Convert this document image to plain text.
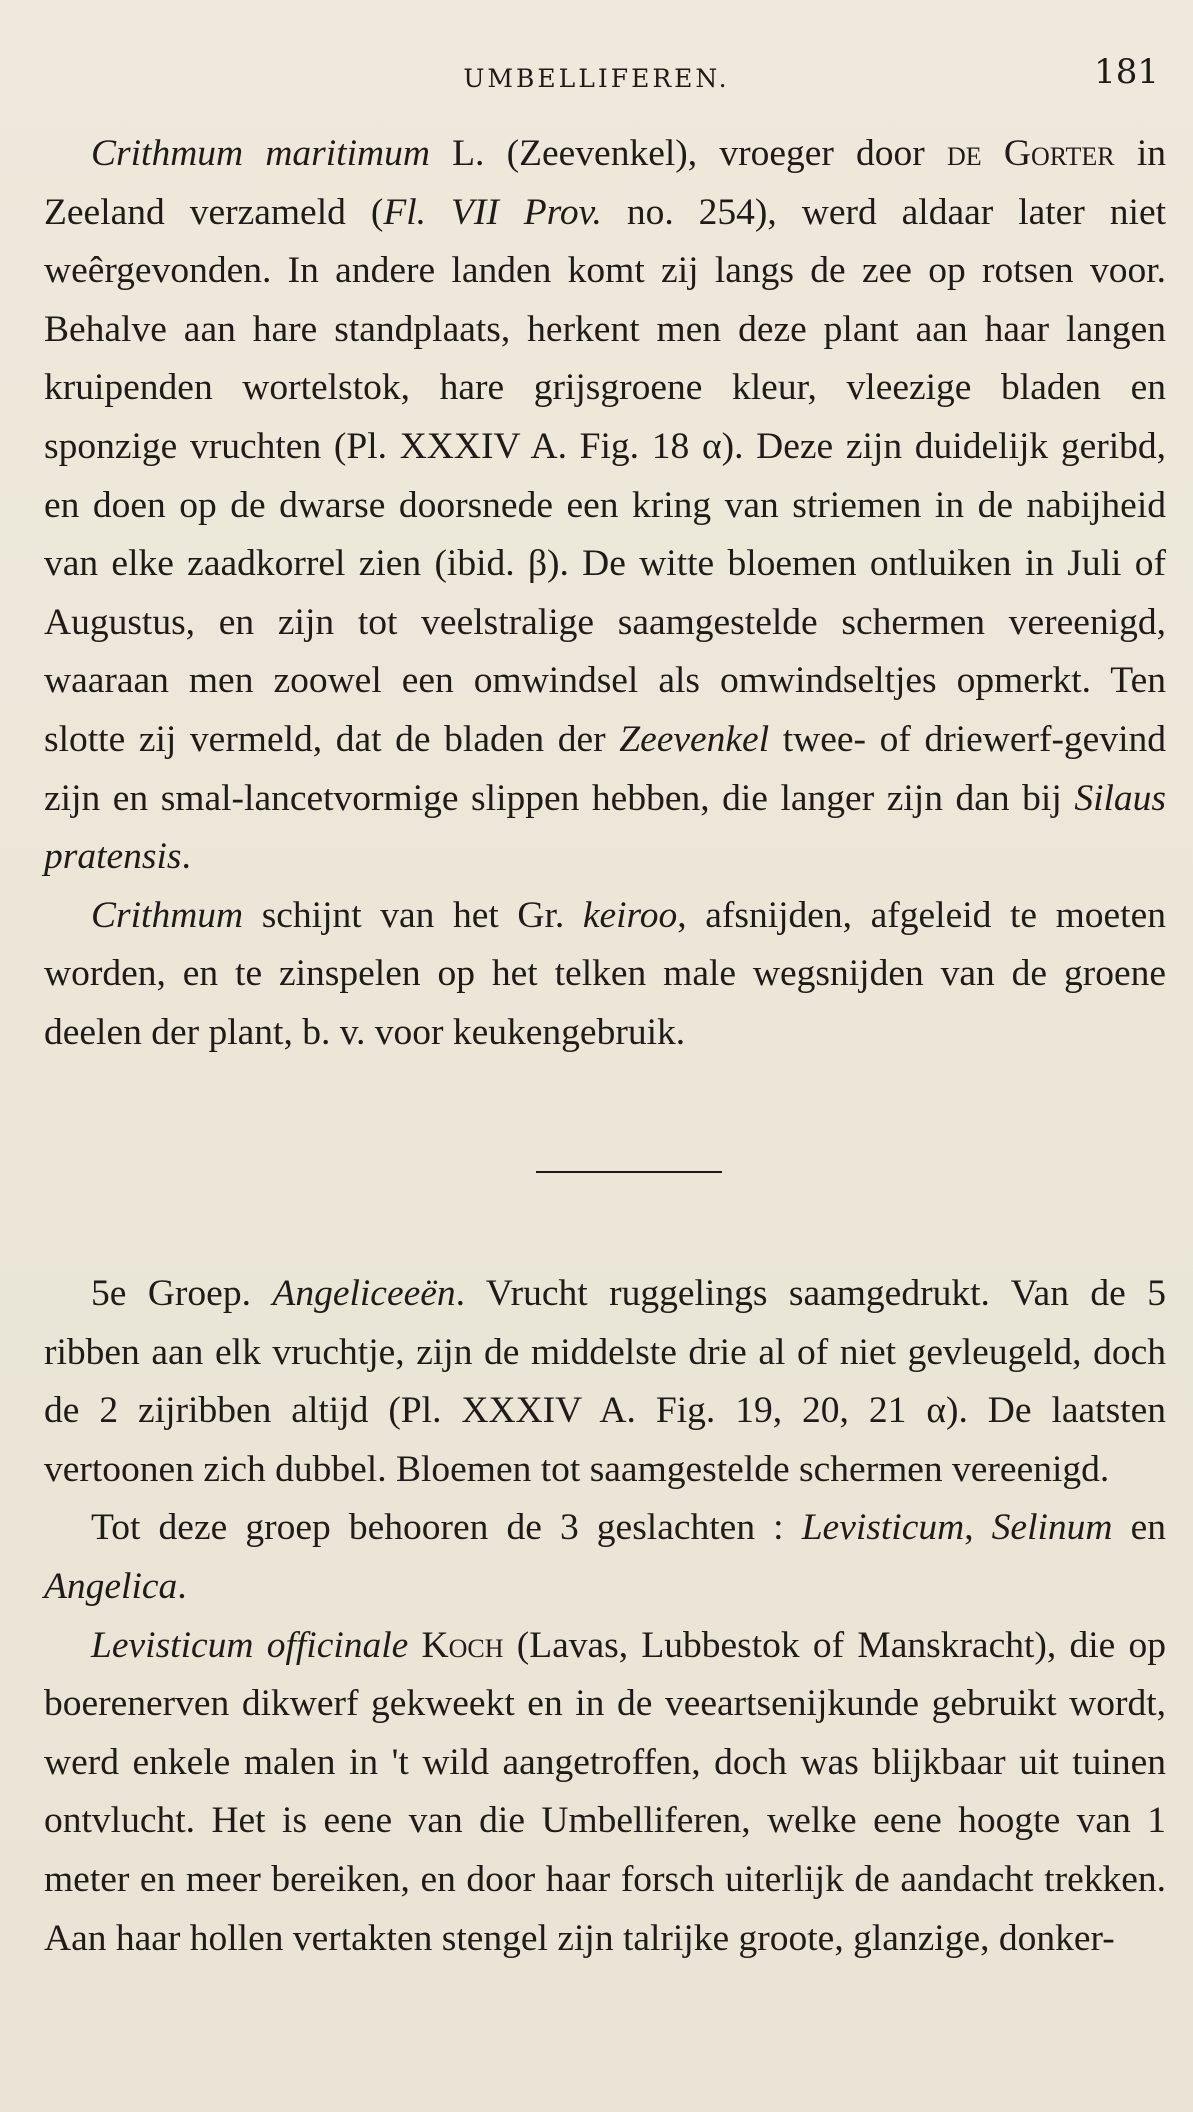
UMBELLIFEREN.	181

Crithmum maritimum L. (Zeevenkel), vroeger door de Gorter in Zeeland verzameld (Fl. VII Prov. no. 254), werd aldaar later niet weêrgevonden. In andere landen komt zij langs de zee op rotsen voor. Behalve aan hare standplaats, herkent men deze plant aan haar langen kruipenden wortelstok, hare grijsgroene kleur, vleezige bladen en sponzige vruchten (Pl. XXXIV A. Fig. 18 α). Deze zijn duidelijk geribd, en doen op de dwarse doorsnede een kring van striemen in de nabijheid van elke zaadkorrel zien (ibid. β). De witte bloemen ontluiken in Juli of Augustus, en zijn tot veelstralige saamgestelde schermen vereenigd, waaraan men zoowel een omwindsel als omwindseltjes opmerkt. Ten slotte zij vermeld, dat de bladen der Zeevenkel twee- of driewerf-gevind zijn en smal-lancetvormige slippen hebben, die langer zijn dan bij Silaus pratensis.

Crithmum schijnt van het Gr. keiroo, afsnijden, afgeleid te moeten worden, en te zinspelen op het telken male wegsnijden van de groene deelen der plant, b. v. voor keukengebruik.

5e Groep. Angeliceeën. Vrucht ruggelings saamgedrukt. Van de 5 ribben aan elk vruchtje, zijn de middelste drie al of niet gevleugeld, doch de 2 zijribben altijd (Pl. XXXIV A. Fig. 19, 20, 21 α). De laatsten vertoonen zich dubbel. Bloemen tot saamgestelde schermen vereenigd.

Tot deze groep behooren de 3 geslachten : Levisticum, Selinum en Angelica.

Levisticum officinale Koch (Lavas, Lubbestok of Manskracht), die op boerenerven dikwerf gekweekt en in de veeartsenijkunde gebruikt wordt, werd enkele malen in 't wild aangetroffen, doch was blijkbaar uit tuinen ontvlucht. Het is eene van die Umbelliferen, welke eene hoogte van 1 meter en meer bereiken, en door haar forsch uiterlijk de aandacht trekken. Aan haar hollen vertakten stengel zijn talrijke groote, glanzige, donker-
